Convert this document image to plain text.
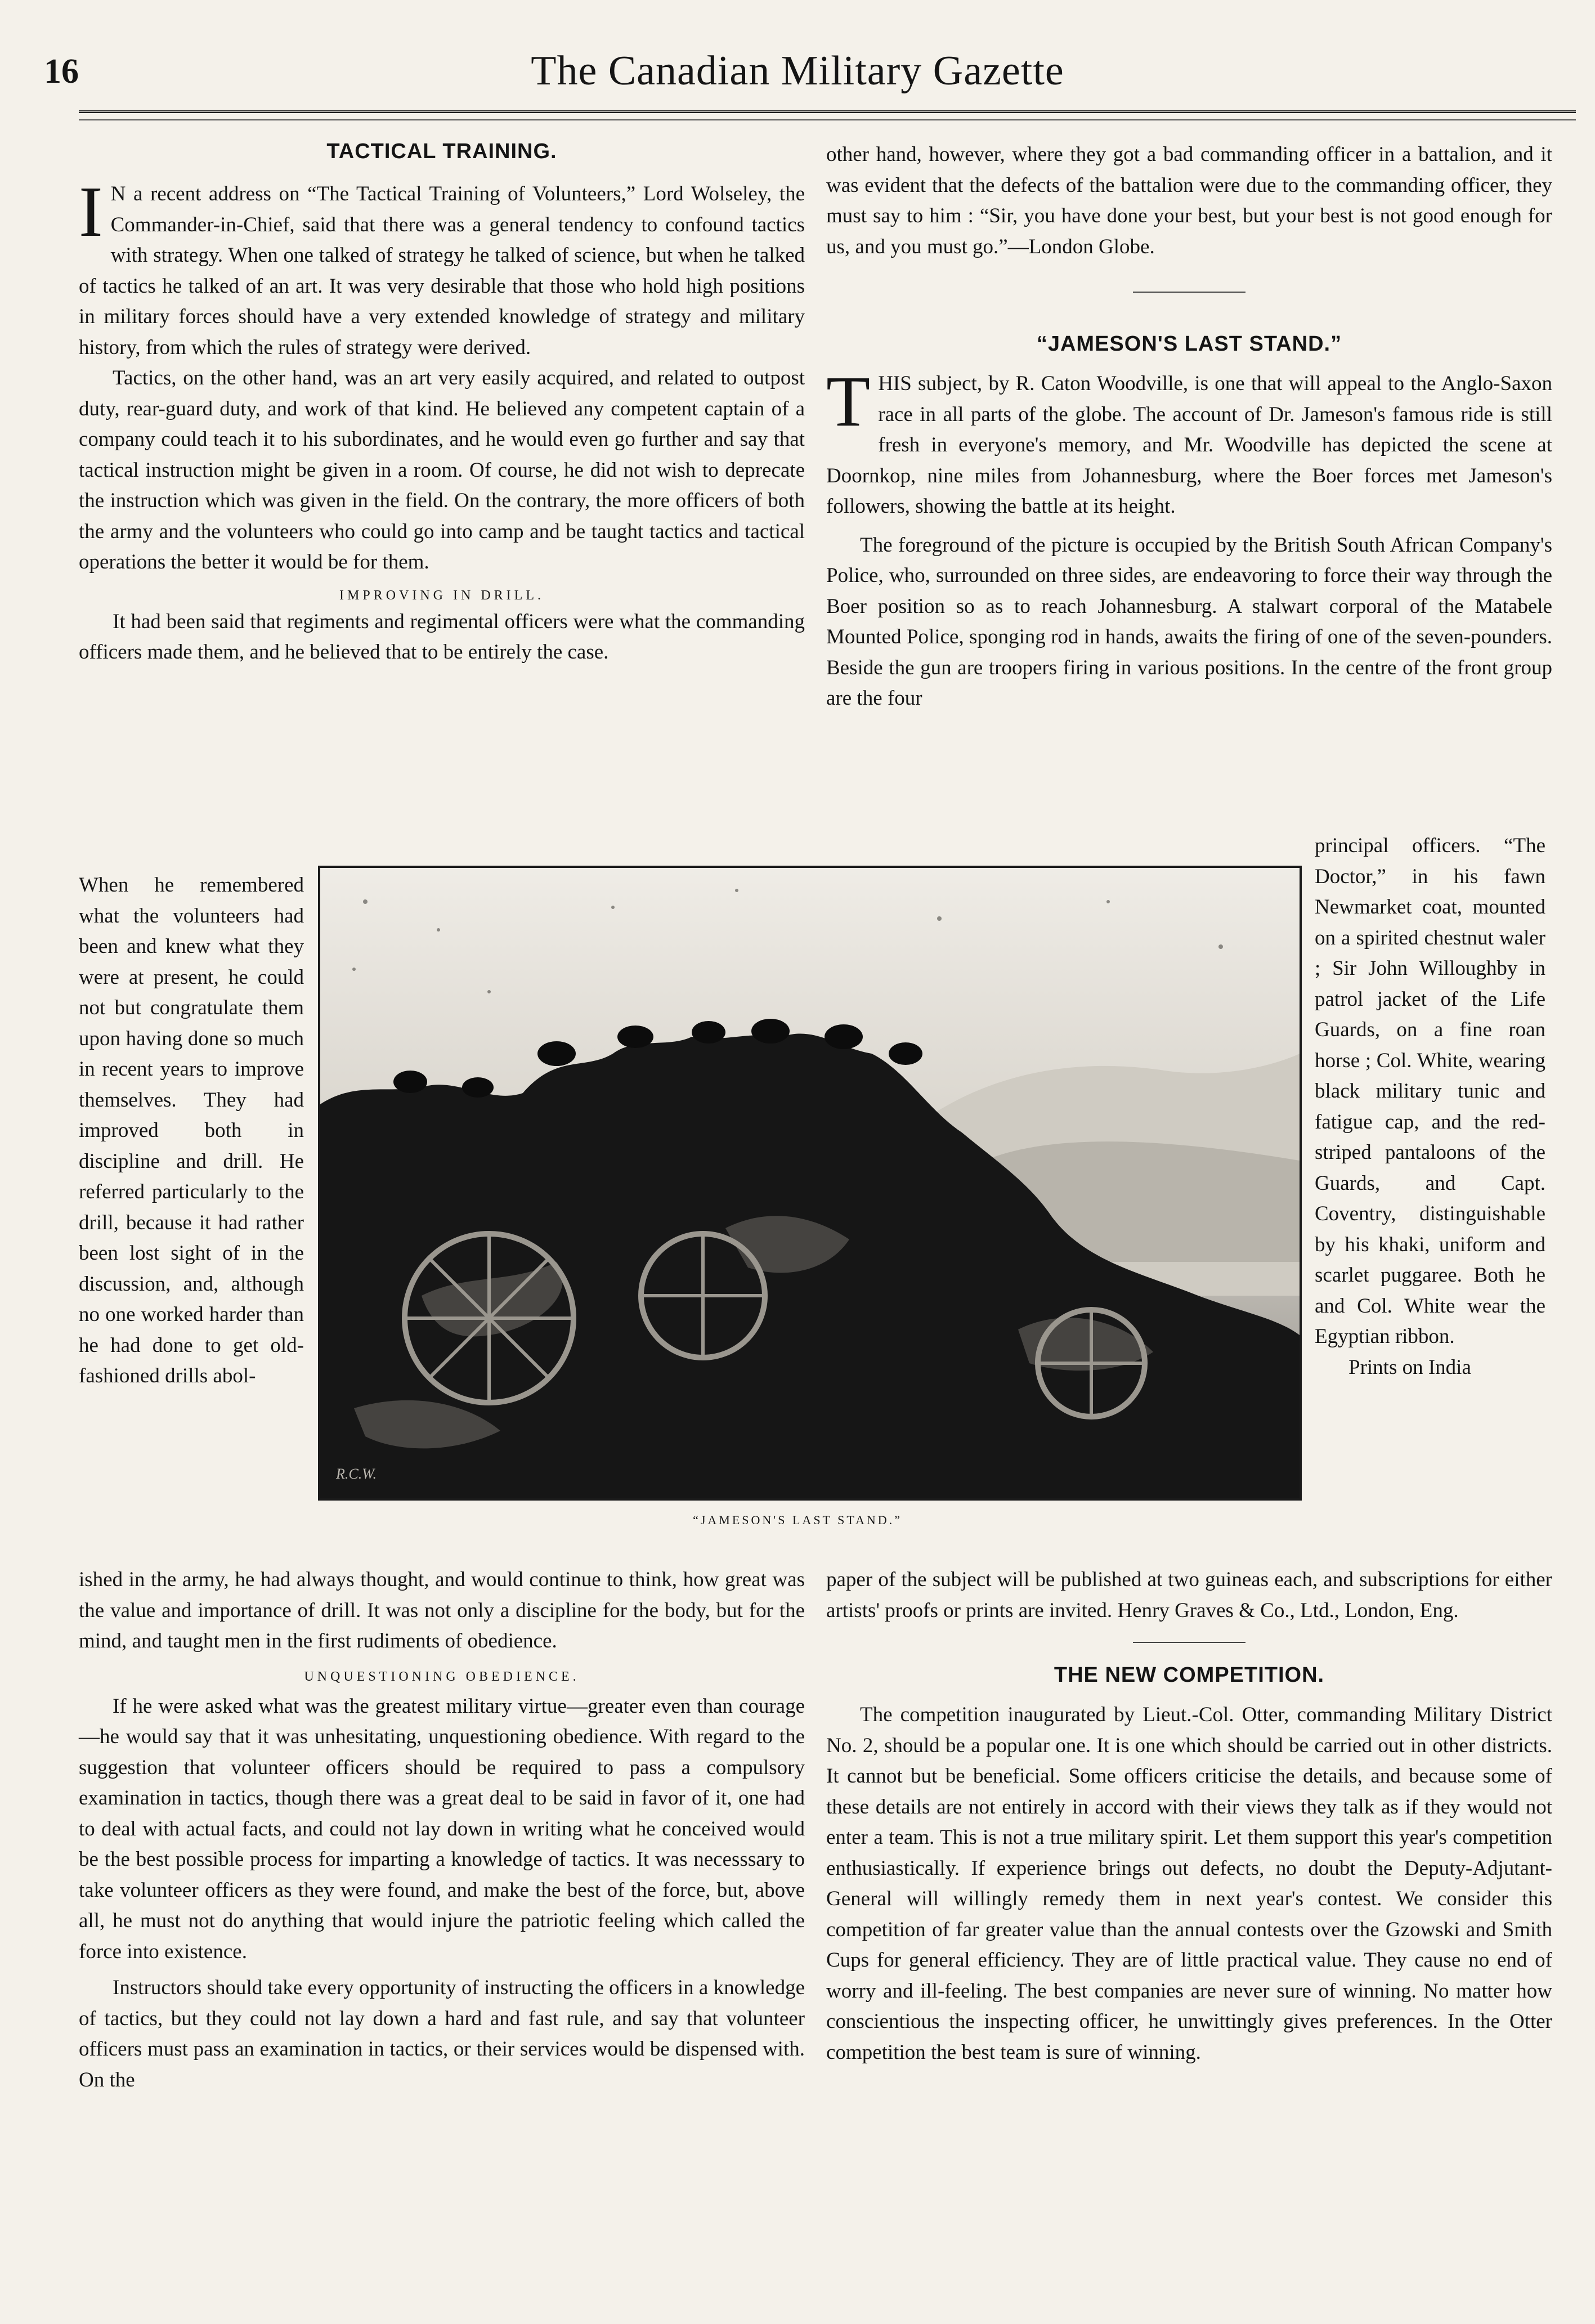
16	The Canadian Military Gazette
TACTICAL TRAINING.

I N a recent address on “The Tactical Training of Volunteers,” Lord Wolseley, the Commander-in-Chief, said that there was a general tendency to confound tactics with strategy. When one talked of strategy he talked of science, but when he talked of tactics he talked of an art. It was very desirable that those who hold high positions in military forces should have a very extended knowledge of strategy and military history, from which the rules of strategy were derived.

Tactics, on the other hand, was an art very easily acquired, and related to outpost duty, rear-guard duty, and work of that kind. He believed any competent captain of a company could teach it to his subordinates, and he would even go further and say that tactical instruction might be given in a room. Of course, he did not wish to deprecate the instruction which was given in the field. On the contrary, the more officers of both the army and the volunteers who could go into camp and be taught tactics and tactical operations the better it would be for them.

IMPROVING IN DRILL.

It had been said that regiments and regimental officers were what the commanding officers made them, and he believed that to be entirely the case.

When he remembered what the volunteers had been and knew what they were at present, he could not but congratulate them upon having done so much in recent years to improve themselves. They had improved both in discipline and drill. He referred particularly to the drill, because it had rather been lost sight of in the discussion, and, although no one worked harder than he had done to get old-fashioned drills abol-

ished in the army, he had always thought, and would continue to think, how great was the value and importance of drill. It was not only a discipline for the body, but for the mind, and taught men in the first rudiments of obedience.

UNQUESTIONING OBEDIENCE.

If he were asked what was the greatest military virtue—greater even than courage—he would say that it was unhesitating, unquestioning obedience. With regard to the suggestion that volunteer officers should be required to pass a compulsory examination in tactics, though there was a great deal to be said in favor of it, one had to deal with actual facts, and could not lay down in writing what he conceived would be the best possible process for imparting a knowledge of tactics. It was necesssary to take volunteer officers as they were found, and make the best of the force, but, above all, he must not do anything that would injure the patriotic feeling which called the force into existence.

Instructors should take every opportunity of instructing the officers in a knowledge of tactics, but they could not lay down a hard and fast rule, and say that volunteer officers must pass an examination in tactics, or their services would be dispensed with. On the

other hand, however, where they got a bad commanding officer in a battalion, and it was evident that the defects of the battalion were due to the commanding officer, they must say to him : “Sir, you have done your best, but your best is not good enough for us, and you must go.”—London Globe.

“JAMESON'S LAST STAND.”

THIS subject, by R. Caton Woodville, is one that will appeal to the Anglo-Saxon race in all parts of the globe. The account of Dr. Jameson's famous ride is still fresh in everyone's memory, and Mr. Woodville has depicted the scene at Doornkop, nine miles from Johannesburg, where the Boer forces met Jameson's followers, showing the battle at its height.

The foreground of the picture is occupied by the British South African Company's Police, who, surrounded on three sides, are endeavoring to force their way through the Boer position so as to reach Johannesburg. A stalwart corporal of the Matabele Mounted Police, sponging rod in hands, awaits the firing of one of the seven-pounders. Beside the gun are troopers firing in various positions. In the centre of the front group are the four

principal officers. “The Doctor,” in his fawn Newmarket coat, mounted on a spirited chestnut waler ; Sir John Willoughby in patrol jacket of the Life Guards, on a fine roan horse ; Col. White, wearing black military tunic and fatigue cap, and the red-striped pantaloons of the Guards, and Capt. Coventry, distinguishable by his khaki, uniform and scarlet puggaree. Both he and Col. White wear the Egyptian ribbon.

Prints on India

paper of the subject will be published at two guineas each, and subscriptions for either artists' proofs or prints are invited. Henry Graves & Co., Ltd., London, Eng.

THE NEW COMPETITION.

The competition inaugurated by Lieut.-Col. Otter, commanding Military District No. 2, should be a popular one. It is one which should be carried out in other districts. It cannot but be beneficial. Some officers criticise the details, and because some of these details are not entirely in accord with their views they talk as if they would not enter a team. This is not a true military spirit. Let them support this year's competition enthusiastically. If experience brings out defects, no doubt the Deputy-Adjutant-General will willingly remedy them in next year's contest. We consider this competition of far greater value than the annual contests over the Gzowski and Smith Cups for general efficiency. They are of little practical value. They cause no end of worry and ill-feeling. The best companies are never sure of winning. No matter how conscientious the inspecting officer, he unwittingly gives preferences. In the Otter competition the best team is sure of winning.

R.C.W.
“JAMESON'S LAST STAND.”
